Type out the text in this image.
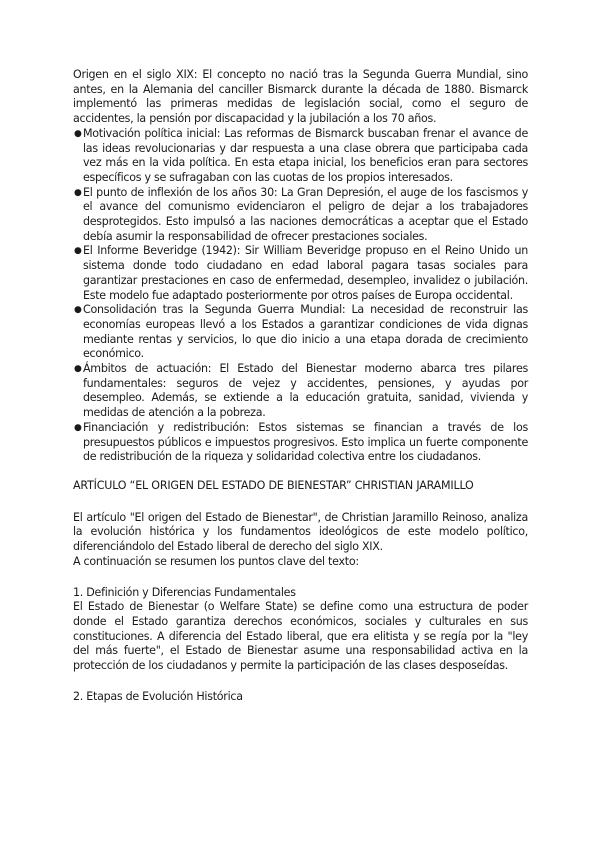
Origen en el siglo XIX: El concepto no nació tras la Segunda Guerra Mundial, sino antes, en la Alemania del canciller Bismarck durante la década de 1880. Bismarck implementó las primeras medidas de legislación social, como el seguro de accidentes, la pensión por discapacidad y la jubilación a los 70 años.

● Motivación política inicial: Las reformas de Bismarck buscaban frenar el avance de las ideas revolucionarias y dar respuesta a una clase obrera que participaba cada vez más en la vida política. En esta etapa inicial, los beneficios eran para sectores específicos y se sufragaban con las cuotas de los propios interesados.
● El punto de inflexión de los años 30: La Gran Depresión, el auge de los fascismos y el avance del comunismo evidenciaron el peligro de dejar a los trabajadores desprotegidos. Esto impulsó a las naciones democráticas a aceptar que el Estado debía asumir la responsabilidad de ofrecer prestaciones sociales.
● El Informe Beveridge (1942): Sir William Beveridge propuso en el Reino Unido un sistema donde todo ciudadano en edad laboral pagara tasas sociales para garantizar prestaciones en caso de enfermedad, desempleo, invalidez o jubilación. Este modelo fue adaptado posteriormente por otros países de Europa occidental.
● Consolidación tras la Segunda Guerra Mundial: La necesidad de reconstruir las economías europeas llevó a los Estados a garantizar condiciones de vida dignas mediante rentas y servicios, lo que dio inicio a una etapa dorada de crecimiento económico.
● Ámbitos de actuación: El Estado del Bienestar moderno abarca tres pilares fundamentales: seguros de vejez y accidentes, pensiones, y ayudas por desempleo. Además, se extiende a la educación gratuita, sanidad, vivienda y medidas de atención a la pobreza.
● Financiación y redistribución: Estos sistemas se financian a través de los presupuestos públicos e impuestos progresivos. Esto implica un fuerte componente de redistribución de la riqueza y solidaridad colectiva entre los ciudadanos.

ARTÍCULO “EL ORIGEN DEL ESTADO DE BIENESTAR” CHRISTIAN JARAMILLO

El artículo "El origen del Estado de Bienestar", de Christian Jaramillo Reinoso, analiza la evolución histórica y los fundamentos ideológicos de este modelo político, diferenciándolo del Estado liberal de derecho del siglo XIX.

A continuación se resumen los puntos clave del texto:

1. Definición y Diferencias Fundamentales

El Estado de Bienestar (o Welfare State) se define como una estructura de poder donde el Estado garantiza derechos económicos, sociales y culturales en sus constituciones. A diferencia del Estado liberal, que era elitista y se regía por la "ley del más fuerte", el Estado de Bienestar asume una responsabilidad activa en la protección de los ciudadanos y permite la participación de las clases desposeídas.

2. Etapas de Evolución Histórica
